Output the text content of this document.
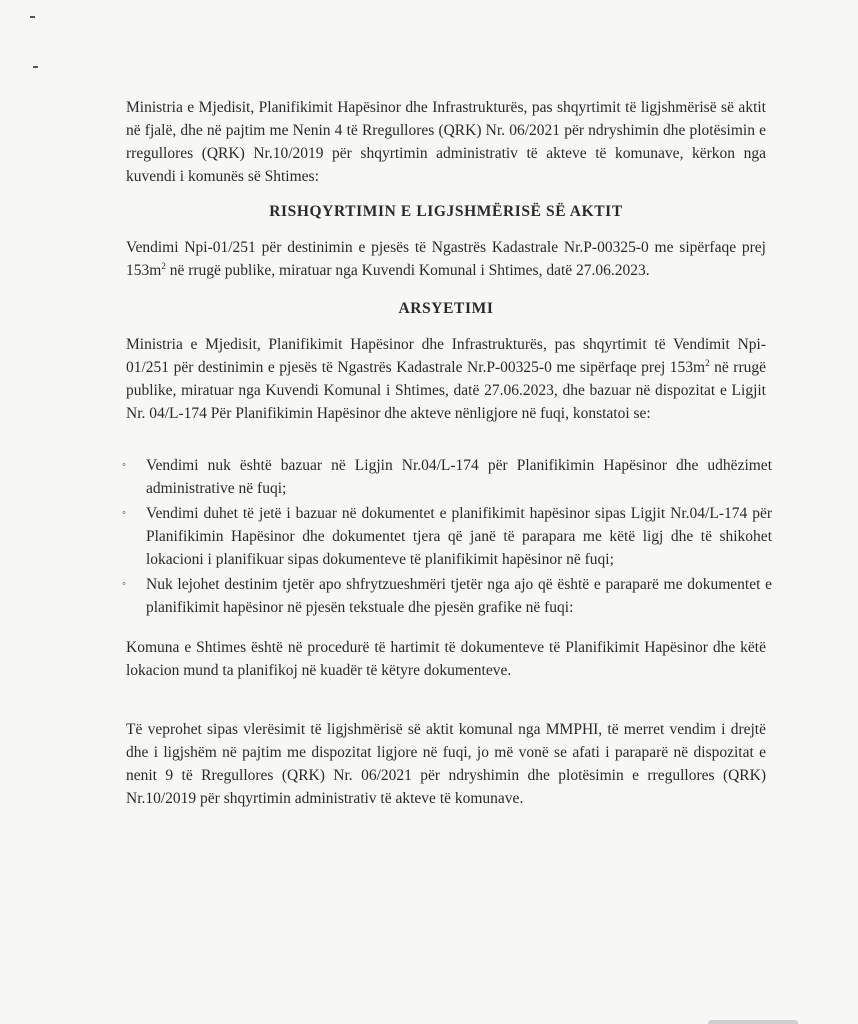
Ministria e Mjedisit, Planifikimit Hapësinor dhe Infrastrukturës, pas shqyrtimit të ligjshmërisë së aktit në fjalë, dhe në pajtim me Nenin 4 të Rregullores (QRK) Nr. 06/2021 për ndryshimin dhe plotësimin e rregullores (QRK) Nr.10/2019 për shqyrtimin administrativ të akteve të komunave, kërkon nga kuvendi i komunës së Shtimes:

RISHQYRTIMIN E LIGJSHMËRISË SË AKTIT

Vendimi Npi-01/251 për destinimin e pjesës të Ngastrës Kadastrale Nr.P-00325-0 me sipërfaqe prej $153m^2$ në rrugë publike, miratuar nga Kuvendi Komunal i Shtimes, datë 27.06.2023.

ARSYETIMI

Ministria e Mjedisit, Planifikimit Hapësinor dhe Infrastrukturës, pas shqyrtimit të Vendimit Npi-01/251 për destinimin e pjesës të Ngastrës Kadastrale Nr.P-00325-0 me sipërfaqe prej $153m^2$ në rrugë publike, miratuar nga Kuvendi Komunal i Shtimes, datë 27.06.2023, dhe bazuar në dispozitat e Ligjit Nr. 04/L-174 Për Planifikimin Hapësinor dhe akteve nënligjore në fuqi, konstatoi se:

◦ Vendimi nuk është bazuar në Ligjin Nr.04/L-174 për Planifikimin Hapësinor dhe udhëzimet administrative në fuqi;
◦ Vendimi duhet të jetë i bazuar në dokumentet e planifikimit hapësinor sipas Ligjit Nr.04/L-174 për Planifikimin Hapësinor dhe dokumentet tjera që janë të parapara me këtë ligj dhe të shikohet lokacioni i planifikuar sipas dokumenteve të planifikimit hapësinor në fuqi;
◦ Nuk lejohet destinim tjetër apo shfrytzueshmëri tjetër nga ajo që është e paraparë me dokumentet e planifikimit hapësinor në pjesën tekstuale dhe pjesën grafike në fuqi:

Komuna e Shtimes është në procedurë të hartimit të dokumenteve të Planifikimit Hapësinor dhe këtë lokacion mund ta planifikoj në kuadër të këtyre dokumenteve.

Të veprohet sipas vlerësimit të ligjshmërisë së aktit komunal nga MMPHI, të merret vendim i drejtë dhe i ligjshëm në pajtim me dispozitat ligjore në fuqi, jo më vonë se afati i paraparë në dispozitat e nenit 9 të Rregullores (QRK) Nr. 06/2021 për ndryshimin dhe plotësimin e rregullores (QRK) Nr.10/2019 për shqyrtimin administrativ të akteve të komunave.
